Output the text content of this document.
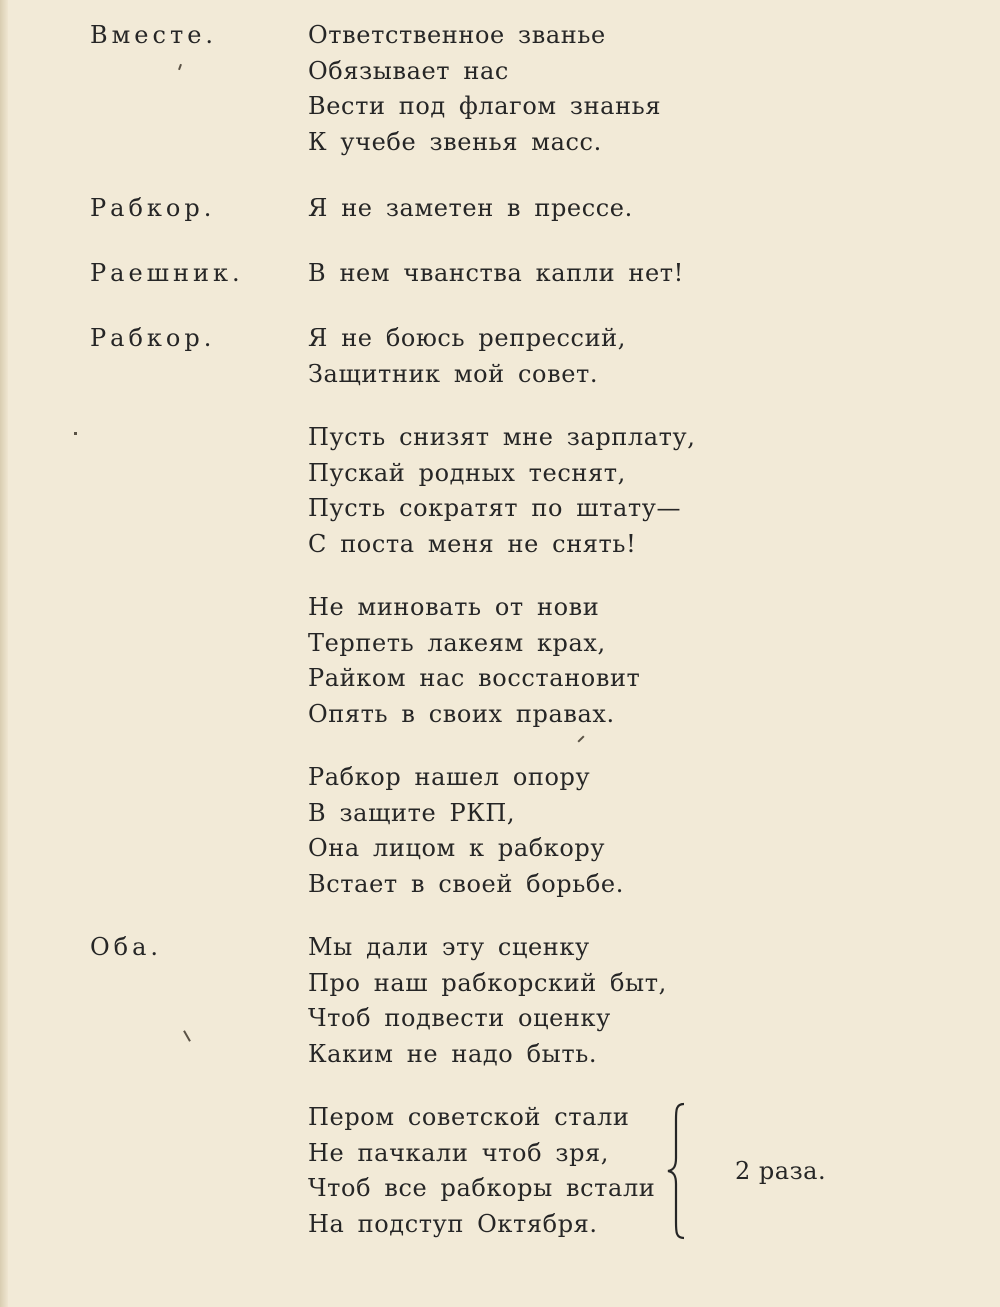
Вместе.
Рабкор.
Раешник.
Рабкор.
Оба.
Ответственное званье
Обязывает нас
Вести под флагом знанья
К учебе звенья масс.
Я не заметен в прессе.
В нем чванства капли нет!
Я не боюсь репрессий,
Защитник мой совет.
Пусть снизят мне зарплату,
Пускай родных теснят,
Пусть сократят по штату—
С поста меня не снять!
Не миновать от нови
Терпеть лакеям крах,
Райком нас восстановит
Опять в своих правах.
Рабкор нашел опору
В защите РКП,
Она лицом к рабкору
Встает в своей борьбе.
Мы дали эту сценку
Про наш рабкорский быт,
Чтоб подвести оценку
Каким не надо быть.
Пером советской стали
Не пачкали чтоб зря,
Чтоб все рабкоры встали
На подступ Октября.
2 раза.
